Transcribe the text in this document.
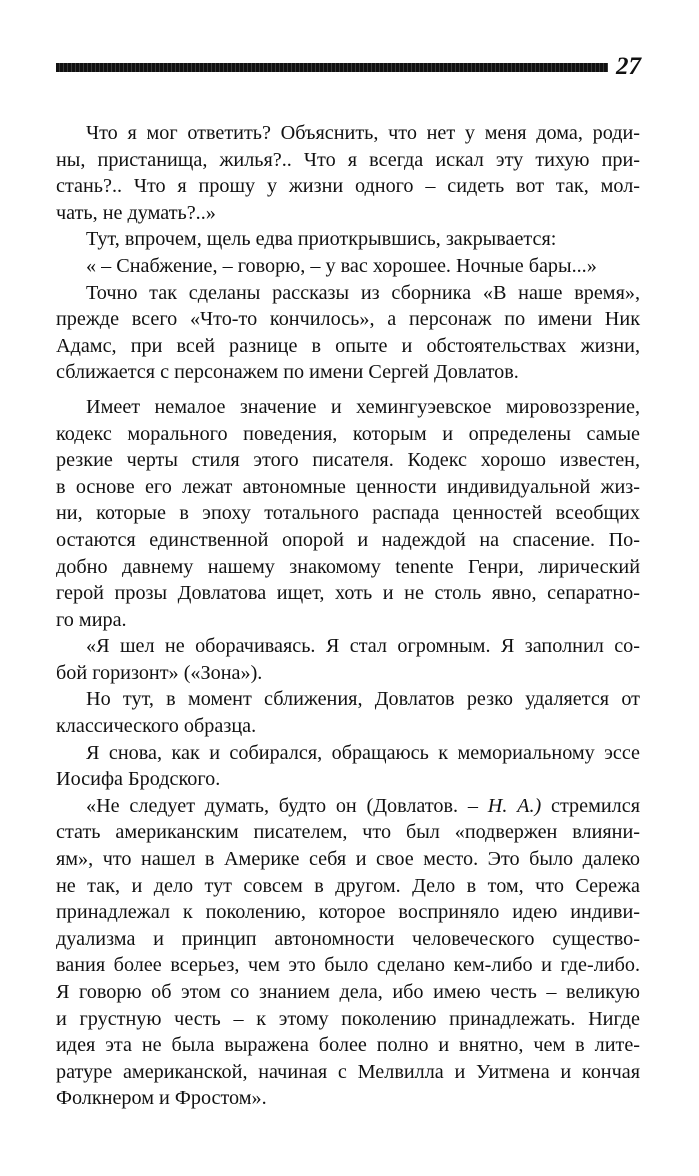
27
Что я мог ответить? Объяснить, что нет у меня дома, роди-
ны, пристанища, жилья?.. Что я всегда искал эту тихую при-
стань?.. Что я прошу у жизни одного – сидеть вот так, мол-
чать, не думать?..»
Тут, впрочем, щель едва приоткрывшись, закрывается:
« – Снабжение, – говорю, – у вас хорошее. Ночные бары...»
Точно так сделаны рассказы из сборника «В наше время»,
прежде всего «Что-то кончилось», а персонаж по имени Ник
Адамс, при всей разнице в опыте и обстоятельствах жизни,
сближается с персонажем по имени Сергей Довлатов.
Имеет немалое значение и хемингуэевское мировоззрение,
кодекс морального поведения, которым и определены самые
резкие черты стиля этого писателя. Кодекс хорошо известен,
в основе его лежат автономные ценности индивидуальной жиз-
ни, которые в эпоху тотального распада ценностей всеобщих
остаются единственной опорой и надеждой на спасение. По-
добно давнему нашему знакомому tenente Генри, лирический
герой прозы Довлатова ищет, хоть и не столь явно, сепаратно-
го мира.
«Я шел не оборачиваясь. Я стал огромным. Я заполнил со-
бой горизонт» («Зона»).
Но тут, в момент сближения, Довлатов резко удаляется от
классического образца.
Я снова, как и собирался, обращаюсь к мемориальному эссе
Иосифа Бродского.
«Не следует думать, будто он (Довлатов. – Н. А.) стремился
стать американским писателем, что был «подвержен влияни-
ям», что нашел в Америке себя и свое место. Это было далеко
не так, и дело тут совсем в другом. Дело в том, что Сережа
принадлежал к поколению, которое восприняло идею индиви-
дуализма и принцип автономности человеческого существо-
вания более всерьез, чем это было сделано кем-либо и где-либо.
Я говорю об этом со знанием дела, ибо имею честь – великую
и грустную честь – к этому поколению принадлежать. Нигде
идея эта не была выражена более полно и внятно, чем в лите-
ратуре американской, начиная с Мелвилла и Уитмена и кончая
Фолкнером и Фростом».
